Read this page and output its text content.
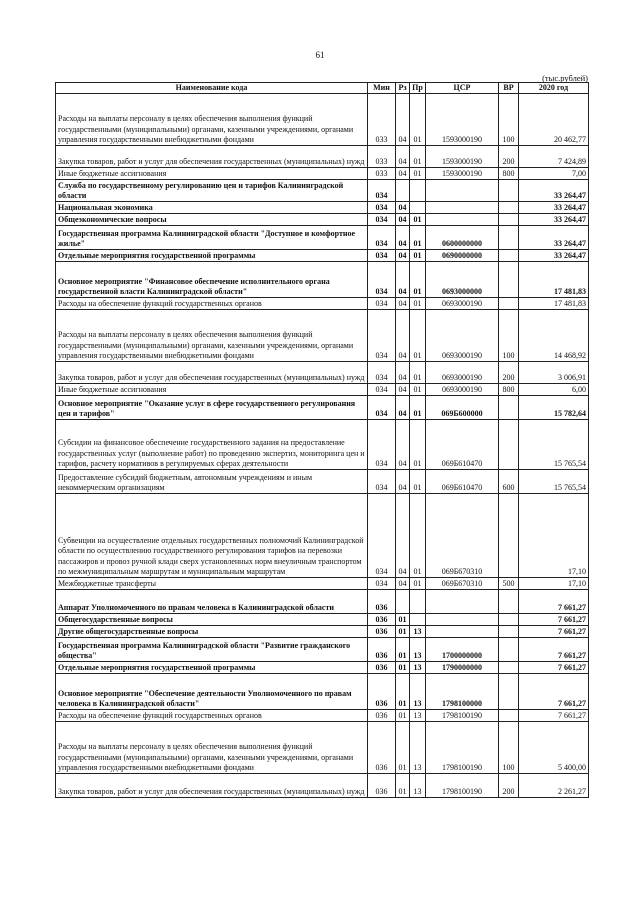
61
(тыс.рублей)
Наименование кода	Мин	Рз	Пр	ЦСР	ВР	2020 год
Расходы на выплаты персоналу в целях обеспечения выполнения функций государственными (муниципальными) органами, казенными учреждениями, органами управления государственными внебюджетными фондами	033	04	01	1593000190	100	20 462,77
Закупка товаров, работ и услуг для обеспечения государственных (муниципальных) нужд	033	04	01	1593000190	200	7 424,89
Иные бюджетные ассигнования	033	04	01	1593000190	800	7,00
Служба по государственному регулированию цен и тарифов Калининградской области	034					33 264,47
Национальная экономика	034	04				33 264,47
Общеэкономические вопросы	034	04	01			33 264,47
Государственная программа Калининградской области "Доступное и комфортное жилье"	034	04	01	0600000000		33 264,47
Отдельные мероприятия государственной программы	034	04	01	0690000000		33 264,47
Основное мероприятие "Финансовое обеспечение исполнительного органа государственной власти Калининградской области"	034	04	01	0693000000		17 481,83
Расходы на обеспечение функций государственных органов	034	04	01	0693000190		17 481,83
Расходы на выплаты персоналу в целях обеспечения выполнения функций государственными (муниципальными) органами, казенными учреждениями, органами управления государственными внебюджетными фондами	034	04	01	0693000190	100	14 468,92
Закупка товаров, работ и услуг для обеспечения государственных (муниципальных) нужд	034	04	01	0693000190	200	3 006,91
Иные бюджетные ассигнования	034	04	01	0693000190	800	6,00
Основное мероприятие "Оказание услуг в сфере государственного регулирования цен и тарифов"	034	04	01	069Б600000		15 782,64
Субсидии на финансовое обеспечение государственного задания на предоставление государственных услуг (выполнение работ) по проведению экспертиз, мониторинга цен и тарифов, расчету нормативов в регулируемых сферах деятельности	034	04	01	069Б610470		15 765,54
Предоставление субсидий бюджетным, автономным учреждениям и иным некоммерческим организациям	034	04	01	069Б610470	600	15 765,54
Субвенции на осуществление отдельных государственных полномочий Калининградской области по осуществлению государственного регулирования тарифов на перевозки пассажиров и провоз ручной клади сверх установленных норм внеуличным транспортом по межмуниципальным маршрутам и муниципальным маршрутам	034	04	01	069Б670310		17,10
Межбюджетные трансферты	034	04	01	069Б670310	500	17,10
Аппарат Уполномоченного по правам человека в Калининградской области	036					7 661,27
Общегосударственные вопросы	036	01				7 661,27
Другие общегосударственные вопросы	036	01	13			7 661,27
Государственная программа Калининградской области "Развитие гражданского общества"	036	01	13	1700000000		7 661,27
Отдельные мероприятия государственной программы	036	01	13	1790000000		7 661,27
Основное мероприятие "Обеспечение деятельности Уполномоченного по правам человека в Калининградской области"	036	01	13	1798100000		7 661,27
Расходы на обеспечение функций государственных органов	036	01	13	1798100190		7 661,27
Расходы на выплаты персоналу в целях обеспечения выполнения функций государственными (муниципальными) органами, казенными учреждениями, органами управления государственными внебюджетными фондами	036	01	13	1798100190	100	5 400,00
Закупка товаров, работ и услуг для обеспечения государственных (муниципальных) нужд	036	01	13	1798100190	200	2 261,27
